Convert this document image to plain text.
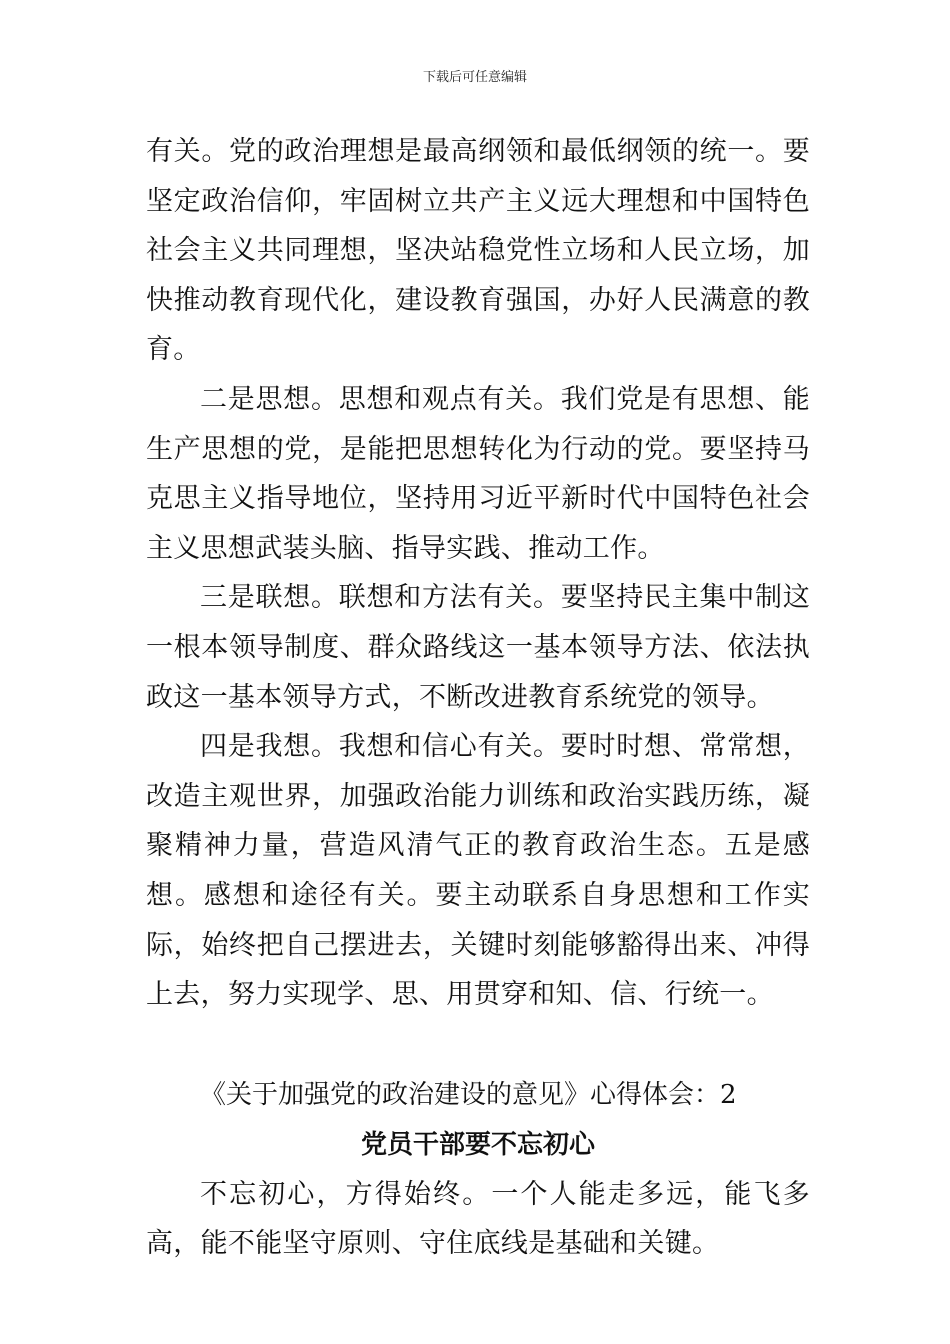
下载后可任意编辑

有关。党的政治理想是最高纲领和最低纲领的统一。要坚定政治信仰，牢固树立共产主义远大理想和中国特色社会主义共同理想，坚决站稳党性立场和人民立场，加快推动教育现代化，建设教育强国，办好人民满意的教育。

二是思想。思想和观点有关。我们党是有思想、能生产思想的党，是能把思想转化为行动的党。要坚持马克思主义指导地位，坚持用习近平新时代中国特色社会主义思想武装头脑、指导实践、推动工作。

三是联想。联想和方法有关。要坚持民主集中制这一根本领导制度、群众路线这一基本领导方法、依法执政这一基本领导方式，不断改进教育系统党的领导。

四是我想。我想和信心有关。要时时想、常常想，改造主观世界，加强政治能力训练和政治实践历练，凝聚精神力量，营造风清气正的教育政治生态。五是感想。感想和途径有关。要主动联系自身思想和工作实际，始终把自己摆进去，关键时刻能够豁得出来、冲得上去，努力实现学、思、用贯穿和知、信、行统一。

《关于加强党的政治建设的意见》心得体会：2

党员干部要不忘初心

不忘初心，方得始终。一个人能走多远，能飞多高，能不能坚守原则、守住底线是基础和关键。
